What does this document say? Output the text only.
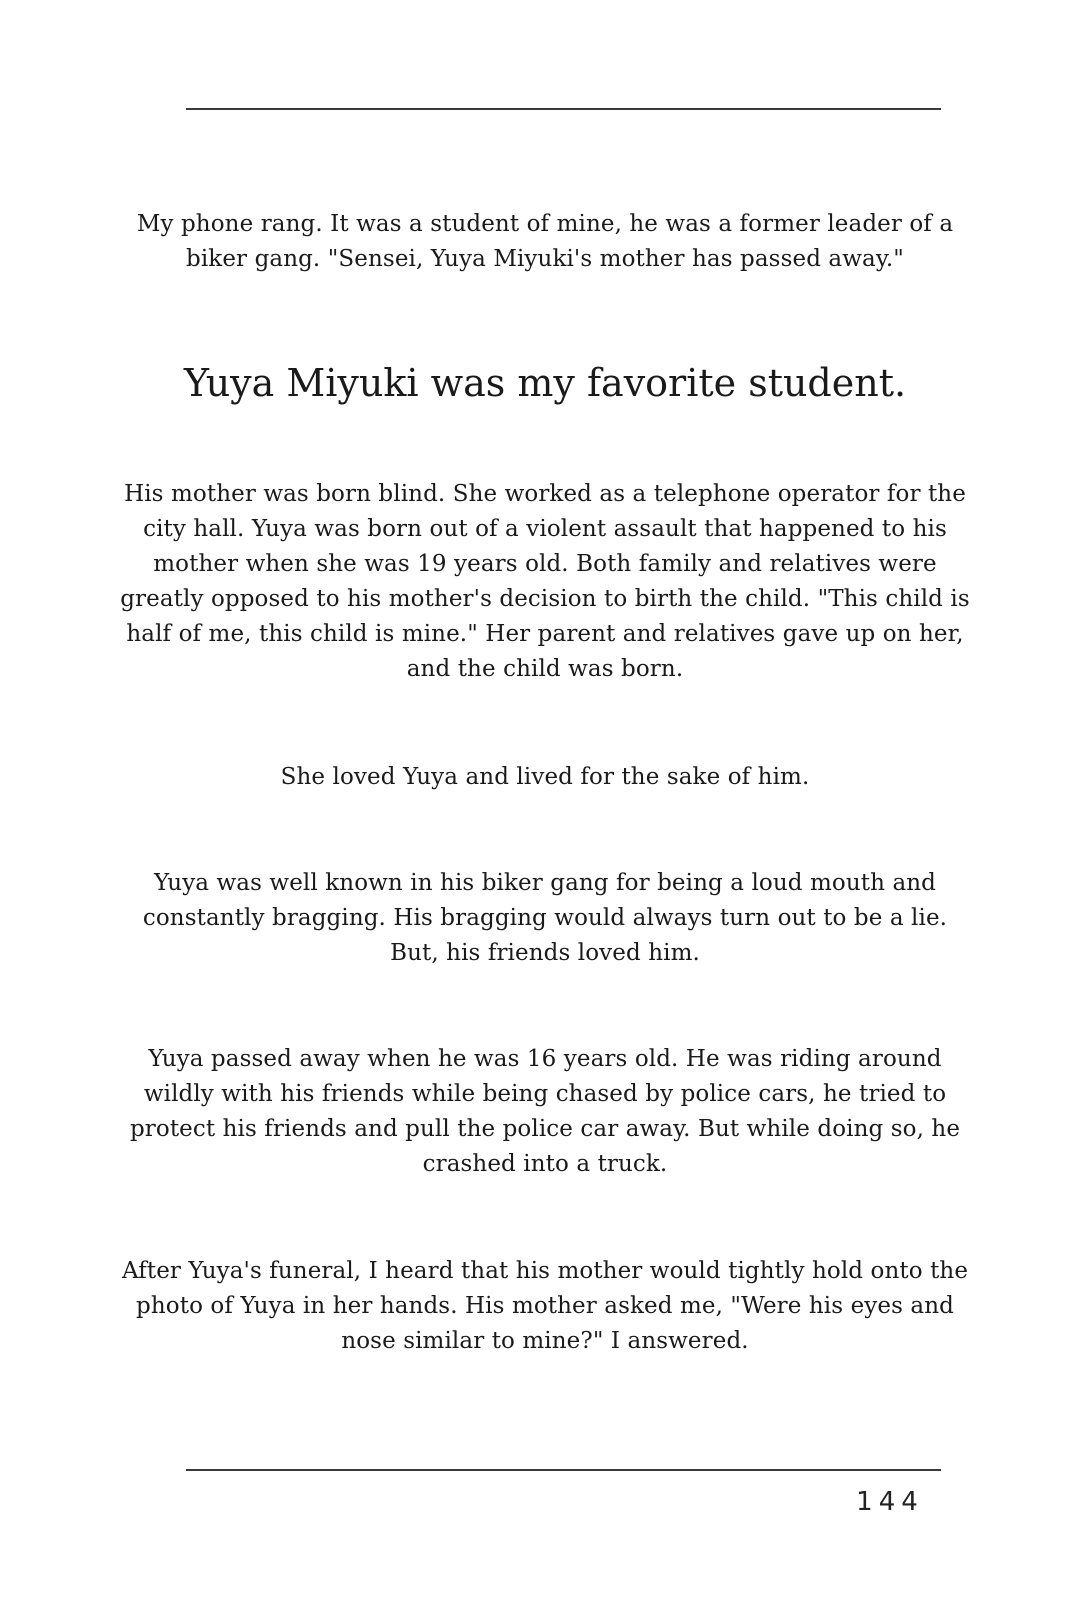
My phone rang. It was a student of mine, he was a former leader of a biker gang. "Sensei, Yuya Miyuki's mother has passed away."

Yuya Miyuki was my favorite student.

His mother was born blind. She worked as a telephone operator for the city hall. Yuya was born out of a violent assault that happened to his mother when she was 19 years old. Both family and relatives were greatly opposed to his mother's decision to birth the child. "This child is half of me, this child is mine." Her parent and relatives gave up on her, and the child was born.

She loved Yuya and lived for the sake of him.

Yuya was well known in his biker gang for being a loud mouth and constantly bragging. His bragging would always turn out to be a lie. But, his friends loved him.

Yuya passed away when he was 16 years old. He was riding around wildly with his friends while being chased by police cars, he tried to protect his friends and pull the police car away. But while doing so, he crashed into a truck.

After Yuya's funeral, I heard that his mother would tightly hold onto the photo of Yuya in her hands. His mother asked me, "Were his eyes and nose similar to mine?" I answered.

144
